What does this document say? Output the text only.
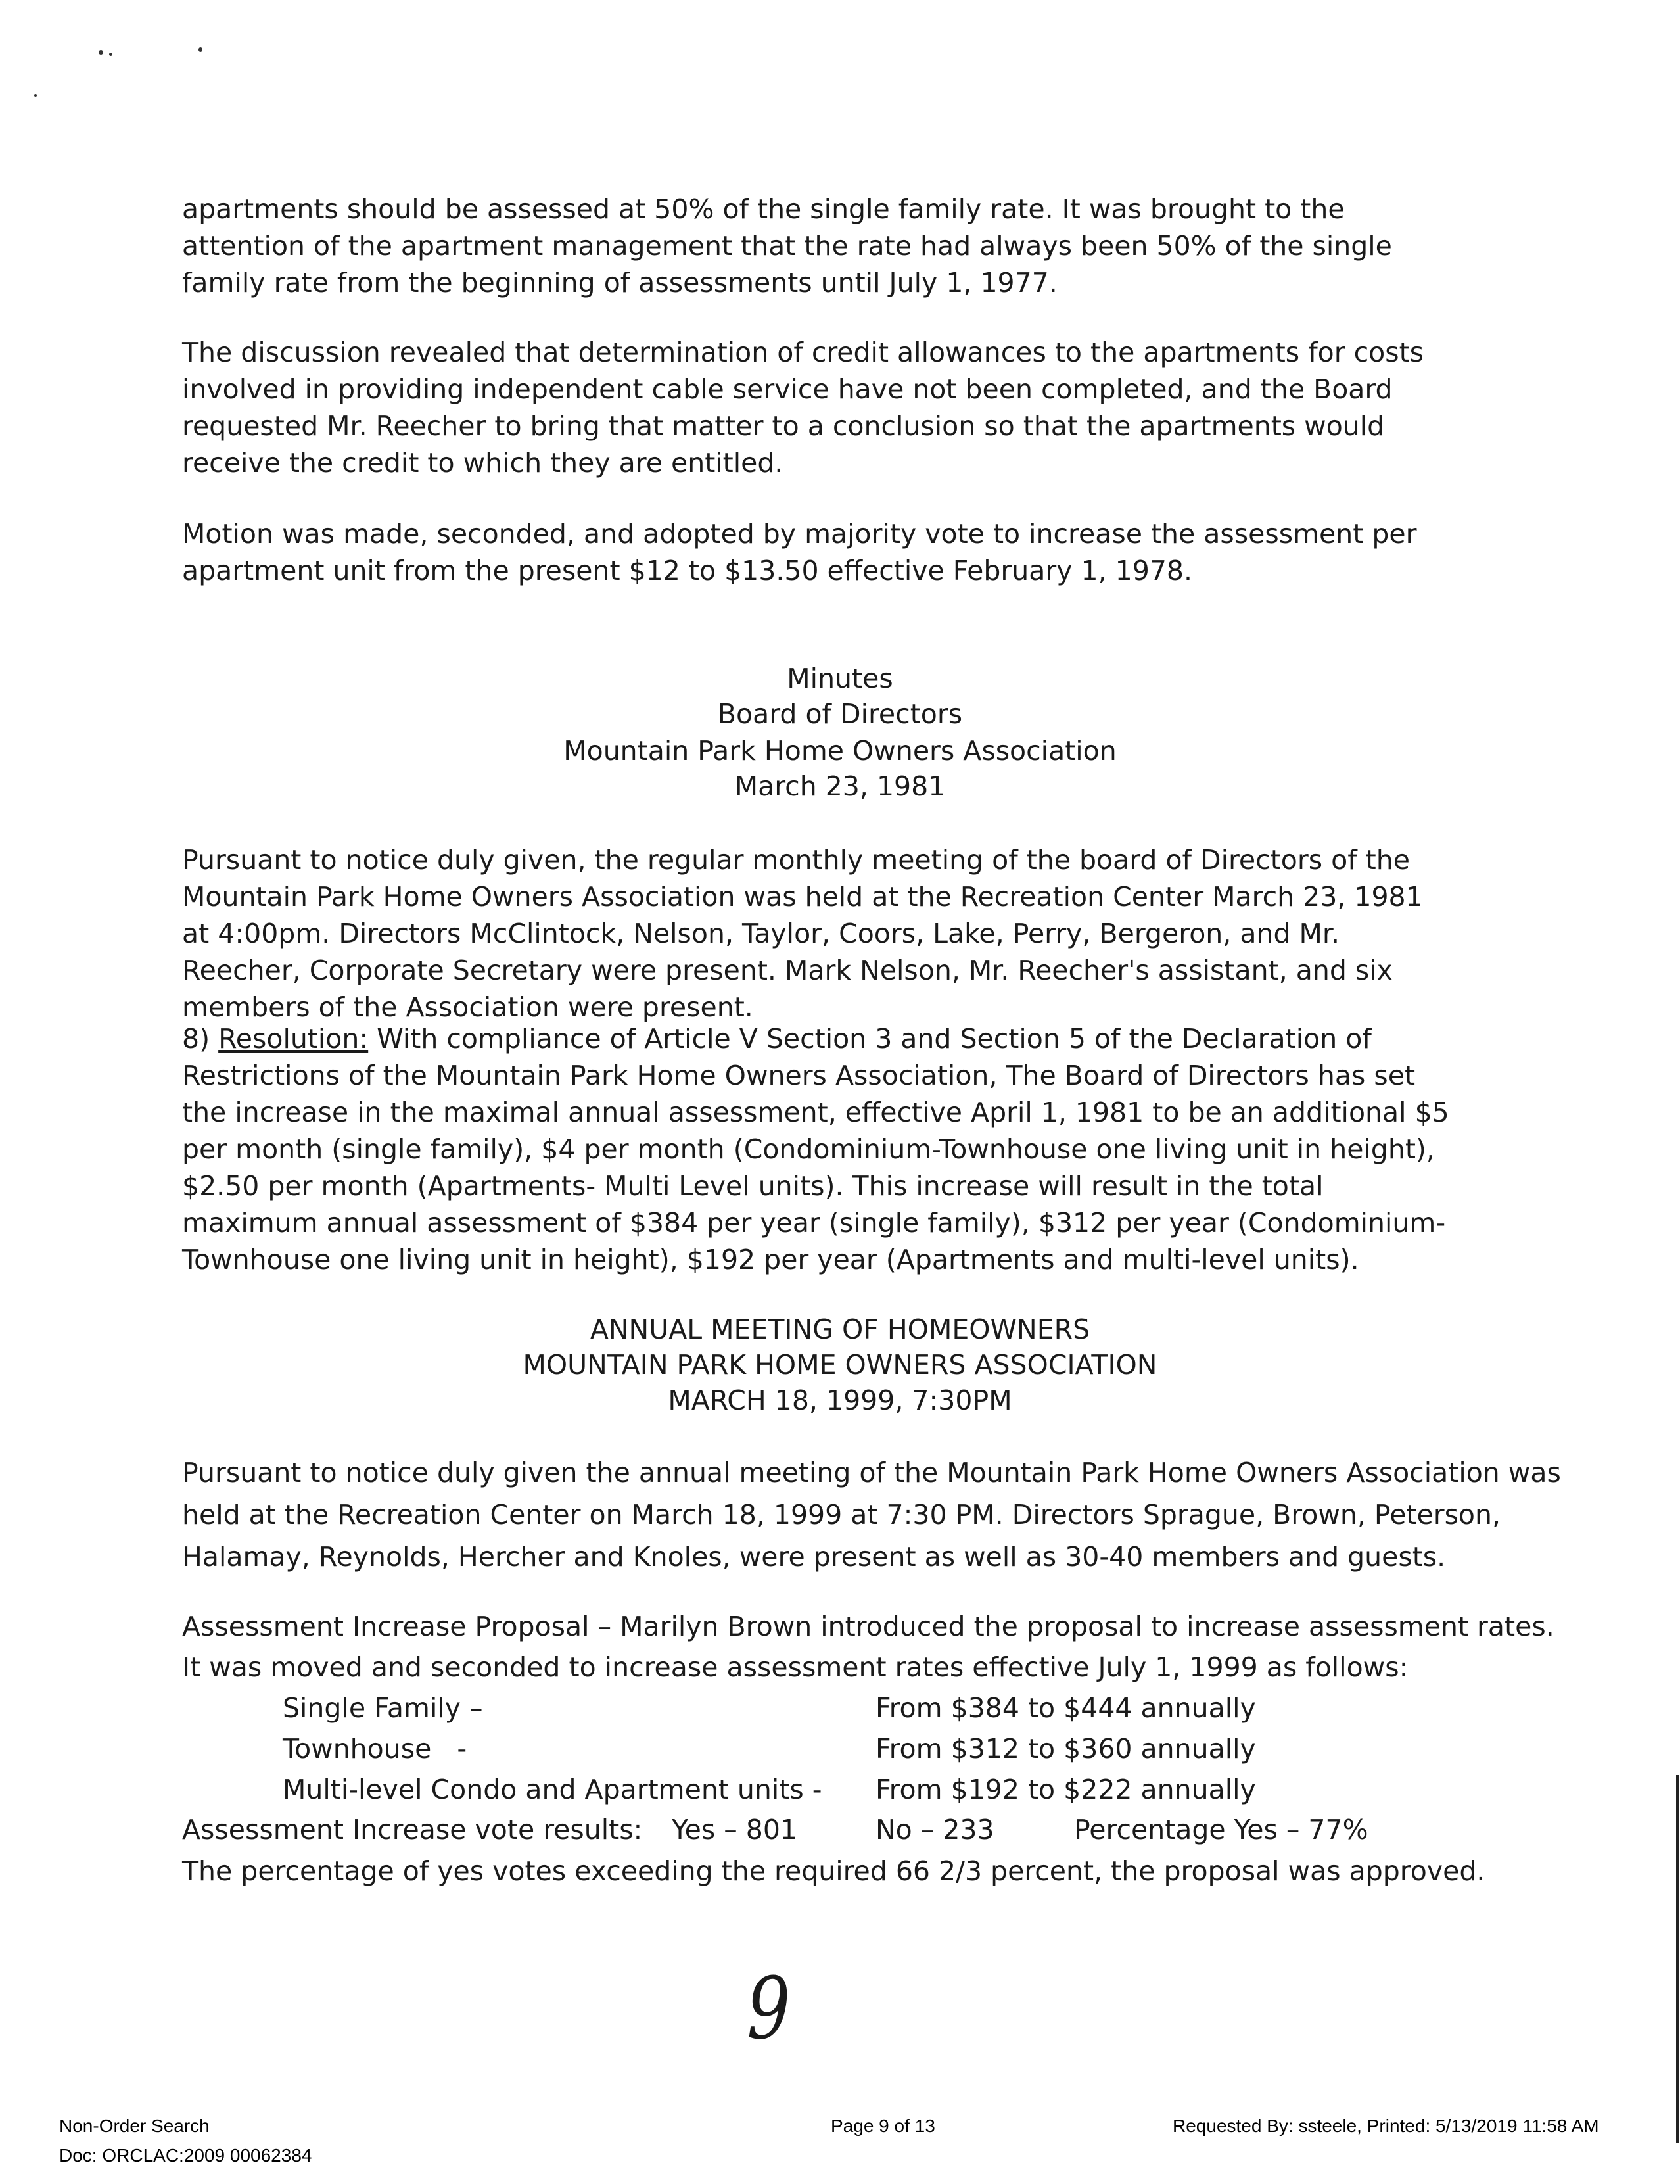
apartments should be assessed at 50% of the single family rate. It was brought to the attention of the apartment management that the rate had always been 50% of the single family rate from the beginning of assessments until July 1, 1977.

The discussion revealed that determination of credit allowances to the apartments for costs involved in providing independent cable service have not been completed, and the Board requested Mr. Reecher to bring that matter to a conclusion so that the apartments would receive the credit to which they are entitled.

Motion was made, seconded, and adopted by majority vote to increase the assessment per apartment unit from the present $12 to $13.50 effective February 1, 1978.

Minutes
Board of Directors
Mountain Park Home Owners Association
March 23, 1981

Pursuant to notice duly given, the regular monthly meeting of the board of Directors of the Mountain Park Home Owners Association was held at the Recreation Center March 23, 1981 at 4:00pm. Directors McClintock, Nelson, Taylor, Coors, Lake, Perry, Bergeron, and Mr. Reecher, Corporate Secretary were present. Mark Nelson, Mr. Reecher's assistant, and six members of the Association were present.

8) Resolution: With compliance of Article V Section 3 and Section 5 of the Declaration of Restrictions of the Mountain Park Home Owners Association, The Board of Directors has set the increase in the maximal annual assessment, effective April 1, 1981 to be an additional $5 per month (single family), $4 per month (Condominium-Townhouse one living unit in height), $2.50 per month (Apartments- Multi Level units). This increase will result in the total maximum annual assessment of $384 per year (single family), $312 per year (Condominium-Townhouse one living unit in height), $192 per year (Apartments and multi-level units).

ANNUAL MEETING OF HOMEOWNERS
MOUNTAIN PARK HOME OWNERS ASSOCIATION
MARCH 18, 1999, 7:30PM
Pursuant to notice duly given the annual meeting of the Mountain Park Home Owners Association was
held at the Recreation Center on March 18, 1999 at 7:30 PM. Directors Sprague, Brown, Peterson,
Halamay, Reynolds, Hercher and Knoles, were present as well as 30-40 members and guests.
Assessment Increase Proposal – Marilyn Brown introduced the proposal to increase assessment rates.
It was moved and seconded to increase assessment rates effective July 1, 1999 as follows:
Single Family –	From $384 to $444 annually
Townhouse   -	From $312 to $360 annually
Multi-level Condo and Apartment units - From $192 to $222 annually
Assessment Increase vote results: Yes – 801	No – 233	Percentage Yes – 77%
The percentage of yes votes exceeding the required 66 2/3 percent, the proposal was approved.
9
Non-Order Search
Doc: ORCLAC:2009 00062384
Page 9 of 13	Requested By: ssteele, Printed: 5/13/2019 11:58 AM
